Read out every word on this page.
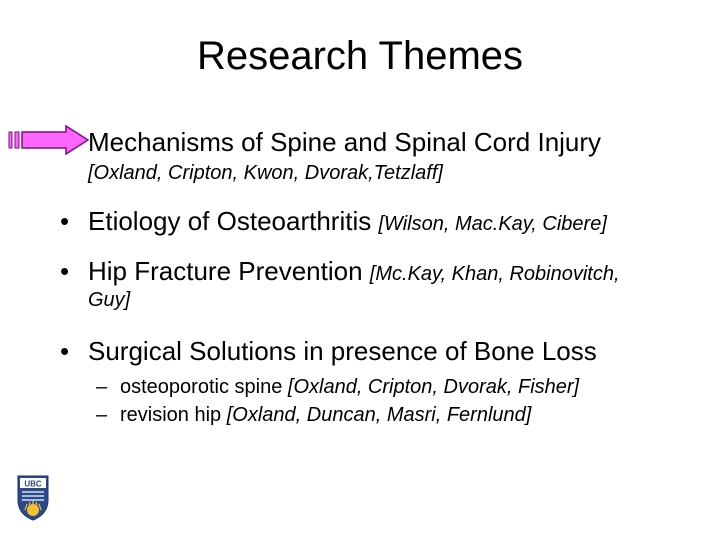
Research Themes
Mechanisms of Spine and Spinal Cord Injury
[Oxland, Cripton, Kwon, Dvorak,Tetzlaff]
• Etiology of Osteoarthritis [Wilson, Mac.Kay, Cibere]
• Hip Fracture Prevention [Mc.Kay, Khan, Robinovitch,
Guy]
• Surgical Solutions in presence of Bone Loss
– osteoporotic spine [Oxland, Cripton, Dvorak, Fisher]
– revision hip [Oxland, Duncan, Masri, Fernlund]
UBC
